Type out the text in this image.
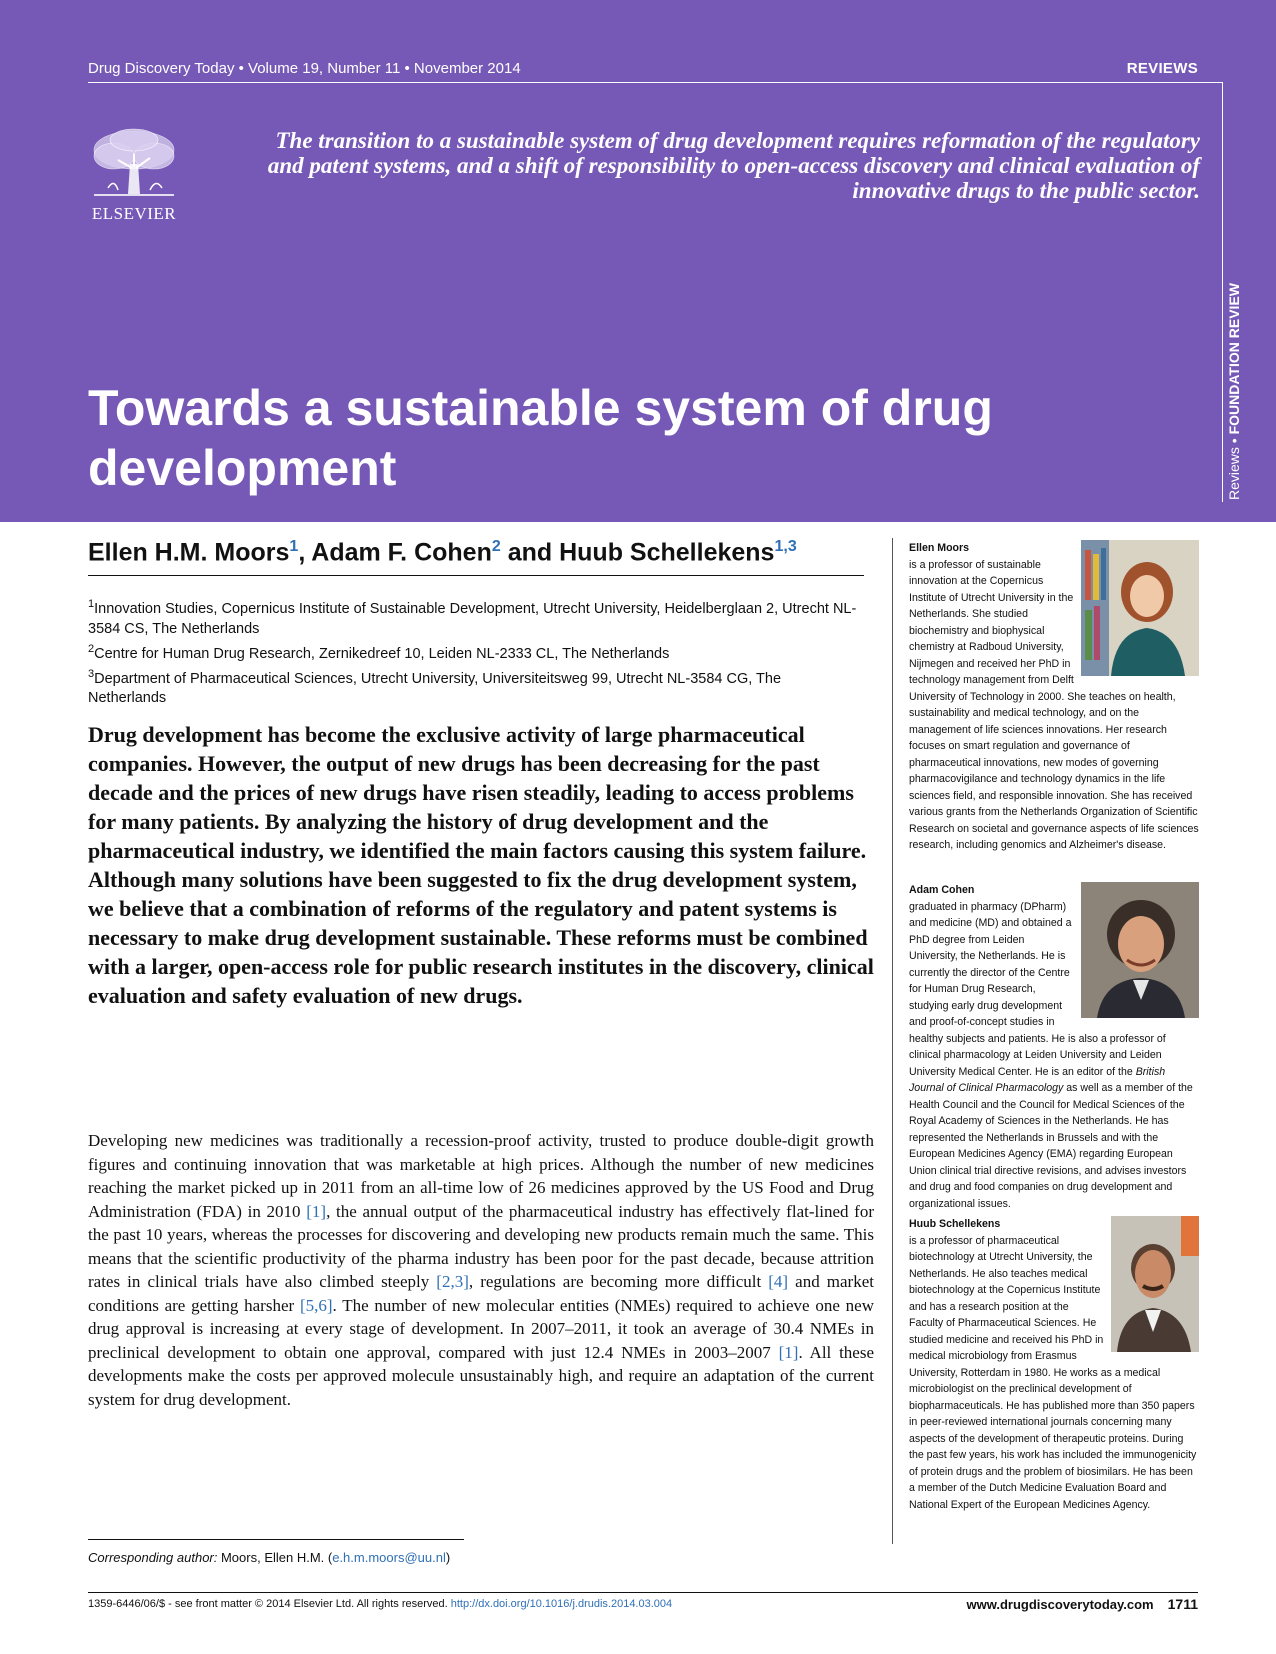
Drug Discovery Today • Volume 19, Number 11 • November 2014	REVIEWS
ELSEVIER
The transition to a sustainable system of drug development requires reformation of the regulatory and patent systems, and a shift of responsibility to open-access discovery and clinical evaluation of innovative drugs to the public sector.
Reviews • FOUNDATION REVIEW
Towards a sustainable system of drug development
Ellen H.M. Moors$^1$, Adam F. Cohen$^2$ and Huub Schellekens$^{1,3}$
$^1$Innovation Studies, Copernicus Institute of Sustainable Development, Utrecht University, Heidelberglaan 2, Utrecht NL-3584 CS, The Netherlands
$^2$Centre for Human Drug Research, Zernikedreef 10, Leiden NL-2333 CL, The Netherlands
$^3$Department of Pharmaceutical Sciences, Utrecht University, Universiteitsweg 99, Utrecht NL-3584 CG, The Netherlands
Drug development has become the exclusive activity of large pharmaceutical companies. However, the output of new drugs has been decreasing for the past decade and the prices of new drugs have risen steadily, leading to access problems for many patients. By analyzing the history of drug development and the pharmaceutical industry, we identified the main factors causing this system failure. Although many solutions have been suggested to fix the drug development system, we believe that a combination of reforms of the regulatory and patent systems is necessary to make drug development sustainable. These reforms must be combined with a larger, open-access role for public research institutes in the discovery, clinical evaluation and safety evaluation of new drugs.
Developing new medicines was traditionally a recession-proof activity, trusted to produce double-digit growth figures and continuing innovation that was marketable at high prices. Although the number of new medicines reaching the market picked up in 2011 from an all-time low of 26 medicines approved by the US Food and Drug Administration (FDA) in 2010 [1], the annual output of the pharmaceutical industry has effectively flat-lined for the past 10 years, whereas the processes for discovering and developing new products remain much the same. This means that the scientific productivity of the pharma industry has been poor for the past decade, because attrition rates in clinical trials have also climbed steeply [2,3], regulations are becoming more difficult [4] and market conditions are getting harsher [5,6]. The number of new molecular entities (NMEs) required to achieve one new drug approval is increasing at every stage of development. In 2007–2011, it took an average of 30.4 NMEs in preclinical development to obtain one approval, compared with just 12.4 NMEs in 2003–2007 [1]. All these developments make the costs per approved molecule unsustainably high, and require an adaptation of the current system for drug development.
Corresponding author: Moors, Ellen H.M. (e.h.m.moors@uu.nl)
Ellen Moors
is a professor of sustainable innovation at the Copernicus Institute of Utrecht University in the Netherlands. She studied biochemistry and biophysical chemistry at Radboud University, Nijmegen and received her PhD in technology management from Delft University of Technology in 2000. She teaches on health, sustainability and medical technology, and on the management of life sciences innovations. Her research focuses on smart regulation and governance of pharmaceutical innovations, new modes of governing pharmacovigilance and technology dynamics in the life sciences field, and responsible innovation. She has received various grants from the Netherlands Organization of Scientific Research on societal and governance aspects of life sciences research, including genomics and Alzheimer's disease.
Adam Cohen
graduated in pharmacy (DPharm) and medicine (MD) and obtained a PhD degree from Leiden University, the Netherlands. He is currently the director of the Centre for Human Drug Research, studying early drug development and proof-of-concept studies in healthy subjects and patients. He is also a professor of clinical pharmacology at Leiden University and Leiden University Medical Center. He is an editor of the British Journal of Clinical Pharmacology as well as a member of the Health Council and the Council for Medical Sciences of the Royal Academy of Sciences in the Netherlands. He has represented the Netherlands in Brussels and with the European Medicines Agency (EMA) regarding European Union clinical trial directive revisions, and advises investors and drug and food companies on drug development and organizational issues.
Huub Schellekens
is a professor of pharmaceutical biotechnology at Utrecht University, the Netherlands. He also teaches medical biotechnology at the Copernicus Institute and has a research position at the Faculty of Pharmaceutical Sciences. He studied medicine and received his PhD in medical microbiology from Erasmus University, Rotterdam in 1980. He works as a medical microbiologist on the preclinical development of biopharmaceuticals. He has published more than 350 papers in peer-reviewed international journals concerning many aspects of the development of therapeutic proteins. During the past few years, his work has included the immunogenicity of protein drugs and the problem of biosimilars. He has been a member of the Dutch Medicine Evaluation Board and National Expert of the European Medicines Agency.
1359-6446/06/$ - see front matter © 2014 Elsevier Ltd. All rights reserved. http://dx.doi.org/10.1016/j.drudis.2014.03.004	www.drugdiscoverytoday.com 1711
